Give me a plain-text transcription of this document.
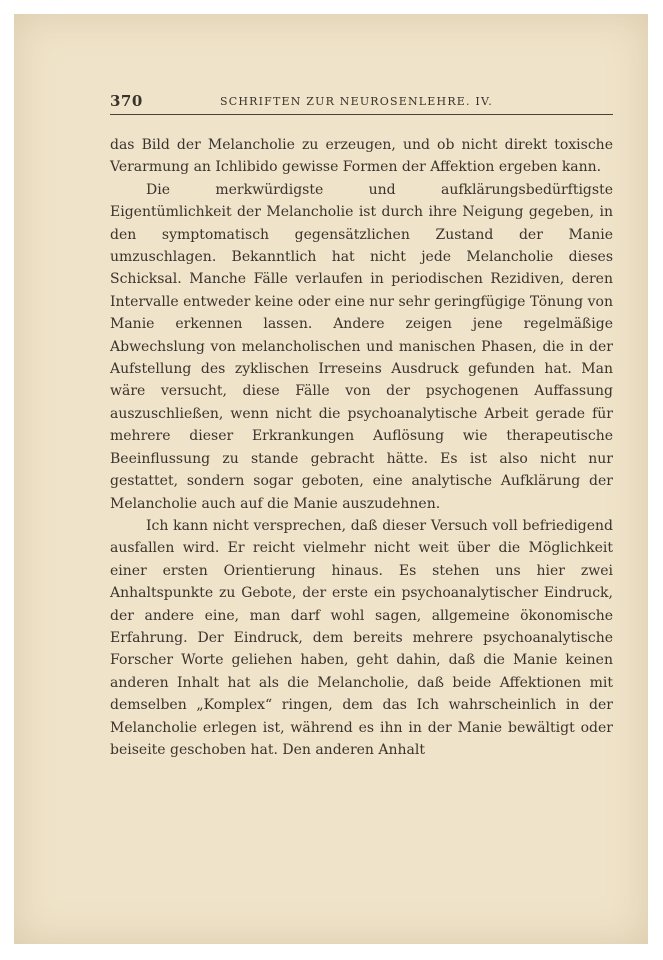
370	SCHRIFTEN ZUR NEUROSENLEHRE. IV.

das Bild der Melancholie zu erzeugen, und ob nicht direkt toxische Verarmung an Ichlibido gewisse Formen der Affektion ergeben kann.

Die merkwürdigste und aufklärungsbedürftigste Eigentümlichkeit der Melancholie ist durch ihre Neigung gegeben, in den symptomatisch gegensätzlichen Zustand der Manie umzuschlagen. Bekanntlich hat nicht jede Melancholie dieses Schicksal. Manche Fälle verlaufen in periodischen Rezidiven, deren Intervalle entweder keine oder eine nur sehr geringfügige Tönung von Manie erkennen lassen. Andere zeigen jene regelmäßige Abwechslung von melancholischen und manischen Phasen, die in der Aufstellung des zyklischen Irreseins Ausdruck gefunden hat. Man wäre versucht, diese Fälle von der psychogenen Auffassung auszuschließen, wenn nicht die psychoanalytische Arbeit gerade für mehrere dieser Erkrankungen Auflösung wie therapeutische Beeinflussung zu stande gebracht hätte. Es ist also nicht nur gestattet, sondern sogar geboten, eine analytische Aufklärung der Melancholie auch auf die Manie auszudehnen.

Ich kann nicht versprechen, daß dieser Versuch voll befriedigend ausfallen wird. Er reicht vielmehr nicht weit über die Möglichkeit einer ersten Orientierung hinaus. Es stehen uns hier zwei Anhaltspunkte zu Gebote, der erste ein psychoanalytischer Eindruck, der andere eine, man darf wohl sagen, allgemeine ökonomische Erfahrung. Der Eindruck, dem bereits mehrere psychoanalytische Forscher Worte geliehen haben, geht dahin, daß die Manie keinen anderen Inhalt hat als die Melancholie, daß beide Affektionen mit demselben „Komplex“ ringen, dem das Ich wahrscheinlich in der Melancholie erlegen ist, während es ihn in der Manie bewältigt oder beiseite geschoben hat. Den anderen Anhalt
